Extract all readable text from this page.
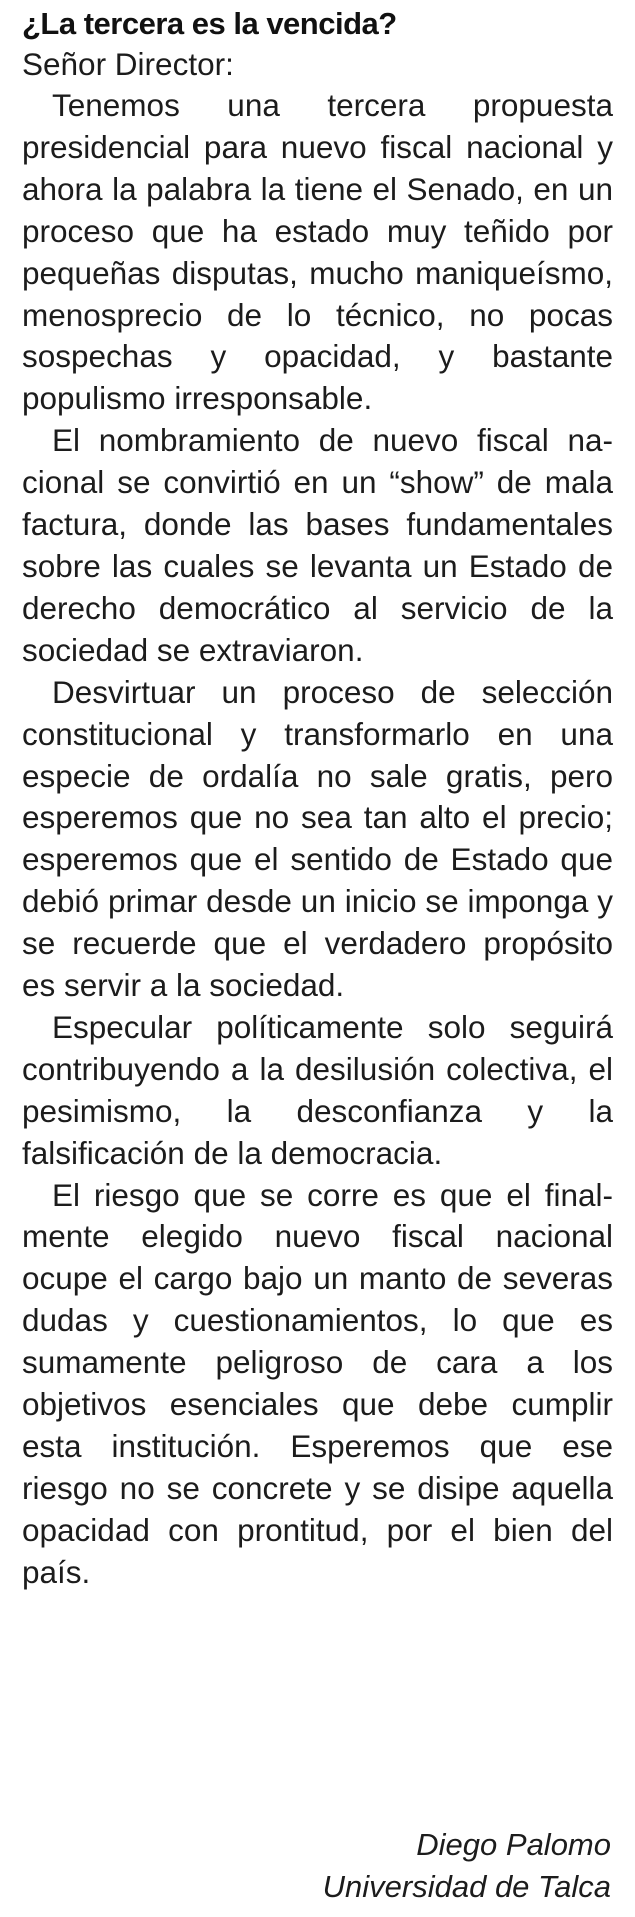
¿La tercera es la vencida?

Señor Director:

Tenemos una tercera propuesta presidencial para nuevo fiscal nacional y ahora la palabra la tiene el Senado, en un proceso que ha estado muy teñido por pequeñas disputas, mucho maniqueísmo, menosprecio de lo técnico, no pocas sospechas y opacidad, y bastante populismo irresponsable.

El nombramiento de nuevo fiscal nacional se convirtió en un “show” de mala factura, donde las bases fundamentales sobre las cuales se levanta un Estado de derecho democrático al servicio de la sociedad se extraviaron.

Desvirtuar un proceso de selección constitucional y transformarlo en una especie de ordalía no sale gratis, pero esperemos que no sea tan alto el precio; esperemos que el sentido de Estado que debió primar desde un inicio se imponga y se recuerde que el verdadero propósito es servir a la sociedad.

Especular políticamente solo seguirá contribuyendo a la desilusión colectiva, el pesimismo, la desconfianza y la falsificación de la democracia.

El riesgo que se corre es que el finalmente elegido nuevo fiscal nacional ocupe el cargo bajo un manto de severas dudas y cuestionamientos, lo que es sumamente peligroso de cara a los objetivos esenciales que debe cumplir esta institución. Esperemos que ese riesgo no se concrete y se disipe aquella opacidad con prontitud, por el bien del país.

Diego Palomo
Universidad de Talca
